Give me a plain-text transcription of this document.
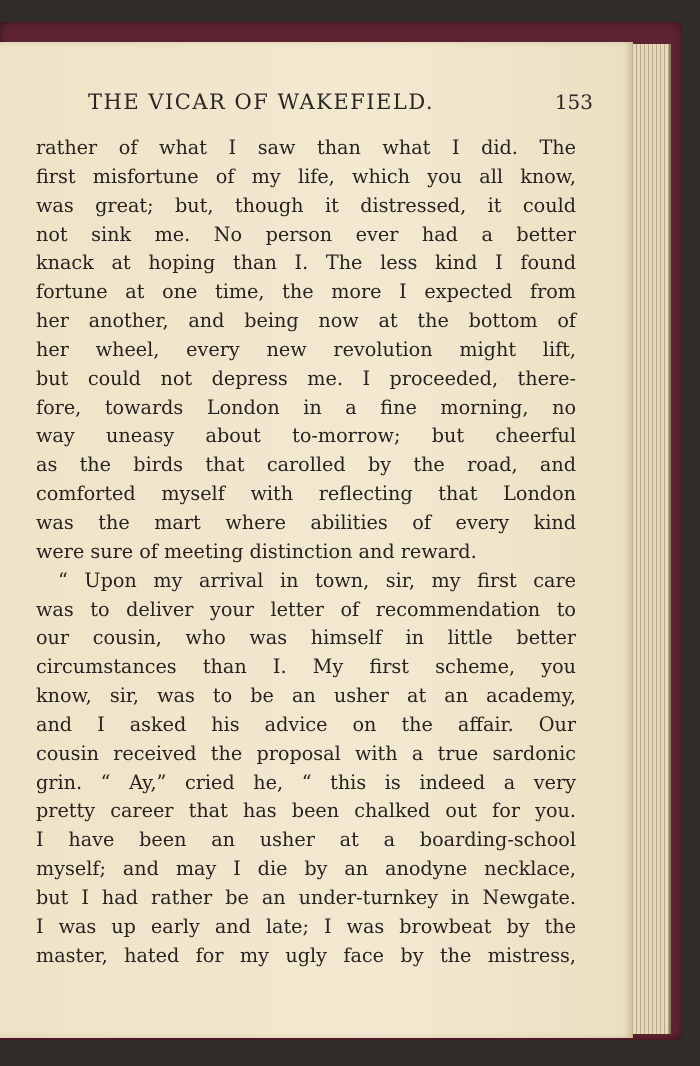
THE VICAR OF WAKEFIELD.	153
rather of what I saw than what I did. The
first misfortune of my life, which you all know,
was great; but, though it distressed, it could
not sink me. No person ever had a better
knack at hoping than I. The less kind I found
fortune at one time, the more I expected from
her another, and being now at the bottom of
her wheel, every new revolution might lift,
but could not depress me. I proceeded, there-
fore, towards London in a fine morning, no
way uneasy about to-morrow; but cheerful
as the birds that carolled by the road, and
comforted myself with reflecting that London
was the mart where abilities of every kind
were sure of meeting distinction and reward.
“ Upon my arrival in town, sir, my first care
was to deliver your letter of recommendation to
our cousin, who was himself in little better
circumstances than I. My first scheme, you
know, sir, was to be an usher at an academy,
and I asked his advice on the affair. Our
cousin received the proposal with a true sardonic
grin. “ Ay,” cried he, “ this is indeed a very
pretty career that has been chalked out for you.
I have been an usher at a boarding-school
myself; and may I die by an anodyne necklace,
but I had rather be an under-turnkey in Newgate.
I was up early and late; I was browbeat by the
master, hated for my ugly face by the mistress,
